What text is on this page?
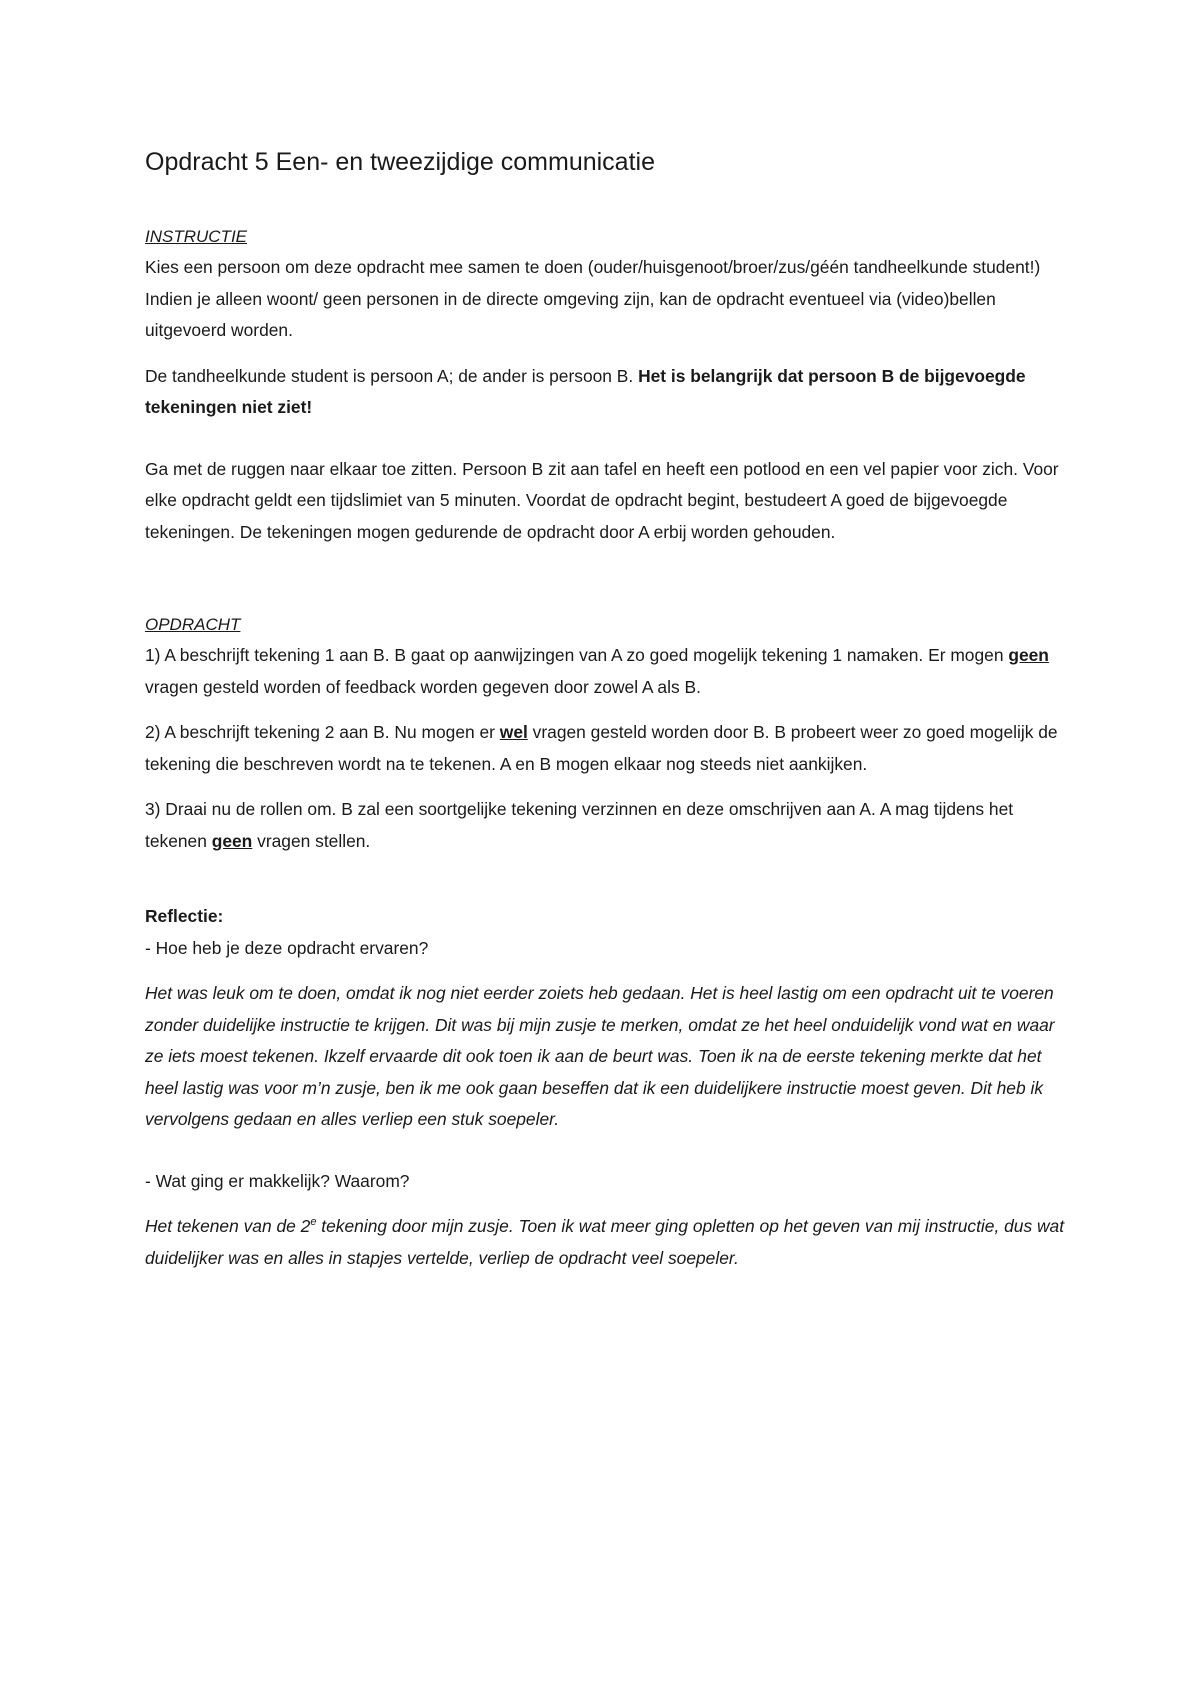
Opdracht 5 Een- en tweezijdige communicatie
INSTRUCTIE

Kies een persoon om deze opdracht mee samen te doen (ouder/huisgenoot/broer/zus/géén tandheelkunde student!) Indien je alleen woont/ geen personen in de directe omgeving zijn, kan de opdracht eventueel via (video)bellen uitgevoerd worden.

De tandheelkunde student is persoon A; de ander is persoon B. Het is belangrijk dat persoon B de bijgevoegde tekeningen niet ziet!

Ga met de ruggen naar elkaar toe zitten. Persoon B zit aan tafel en heeft een potlood en een vel papier voor zich. Voor elke opdracht geldt een tijdslimiet van 5 minuten. Voordat de opdracht begint, bestudeert A goed de bijgevoegde tekeningen. De tekeningen mogen gedurende de opdracht door A erbij worden gehouden.

OPDRACHT

1) A beschrijft tekening 1 aan B. B gaat op aanwijzingen van A zo goed mogelijk tekening 1 namaken. Er mogen geen vragen gesteld worden of feedback worden gegeven door zowel A als B.

2) A beschrijft tekening 2 aan B. Nu mogen er wel vragen gesteld worden door B. B probeert weer zo goed mogelijk de tekening die beschreven wordt na te tekenen. A en B mogen elkaar nog steeds niet aankijken.

3) Draai nu de rollen om. B zal een soortgelijke tekening verzinnen en deze omschrijven aan A. A mag tijdens het tekenen geen vragen stellen.

Reflectie:

- Hoe heb je deze opdracht ervaren?

Het was leuk om te doen, omdat ik nog niet eerder zoiets heb gedaan. Het is heel lastig om een opdracht uit te voeren zonder duidelijke instructie te krijgen. Dit was bij mijn zusje te merken, omdat ze het heel onduidelijk vond wat en waar ze iets moest tekenen. Ikzelf ervaarde dit ook toen ik aan de beurt was. Toen ik na de eerste tekening merkte dat het heel lastig was voor m’n zusje, ben ik me ook gaan beseffen dat ik een duidelijkere instructie moest geven. Dit heb ik vervolgens gedaan en alles verliep een stuk soepeler.

- Wat ging er makkelijk? Waarom?

Het tekenen van de 2e tekening door mijn zusje. Toen ik wat meer ging opletten op het geven van mij instructie, dus wat duidelijker was en alles in stapjes vertelde, verliep de opdracht veel soepeler.
